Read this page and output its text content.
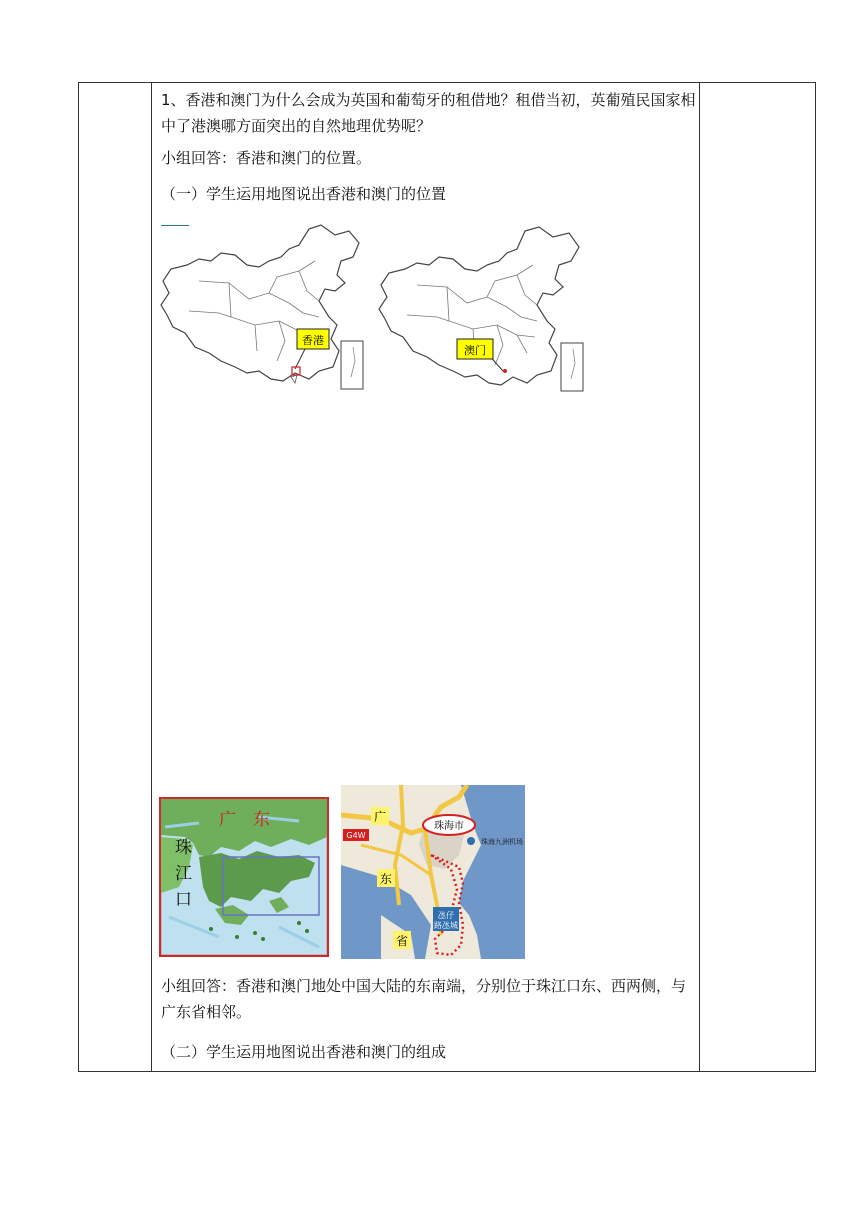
1、香港和澳门为什么会成为英国和葡萄牙的租借地？租借当初，英葡殖民国家相中了港澳哪方面突出的自然地理优势呢？

小组回答：香港和澳门的位置。

（一）学生运用地图说出香港和澳门的位置

小组回答：香港和澳门地处中国大陆的东南端，分别位于珠江口东、西两侧，与广东省相邻。

（二）学生运用地图说出香港和澳门的组成

香港
澳门
广　东
珠
江
口
G4W
广
东
省
珠海市
珠海九洲机场
氹仔
路氹城
